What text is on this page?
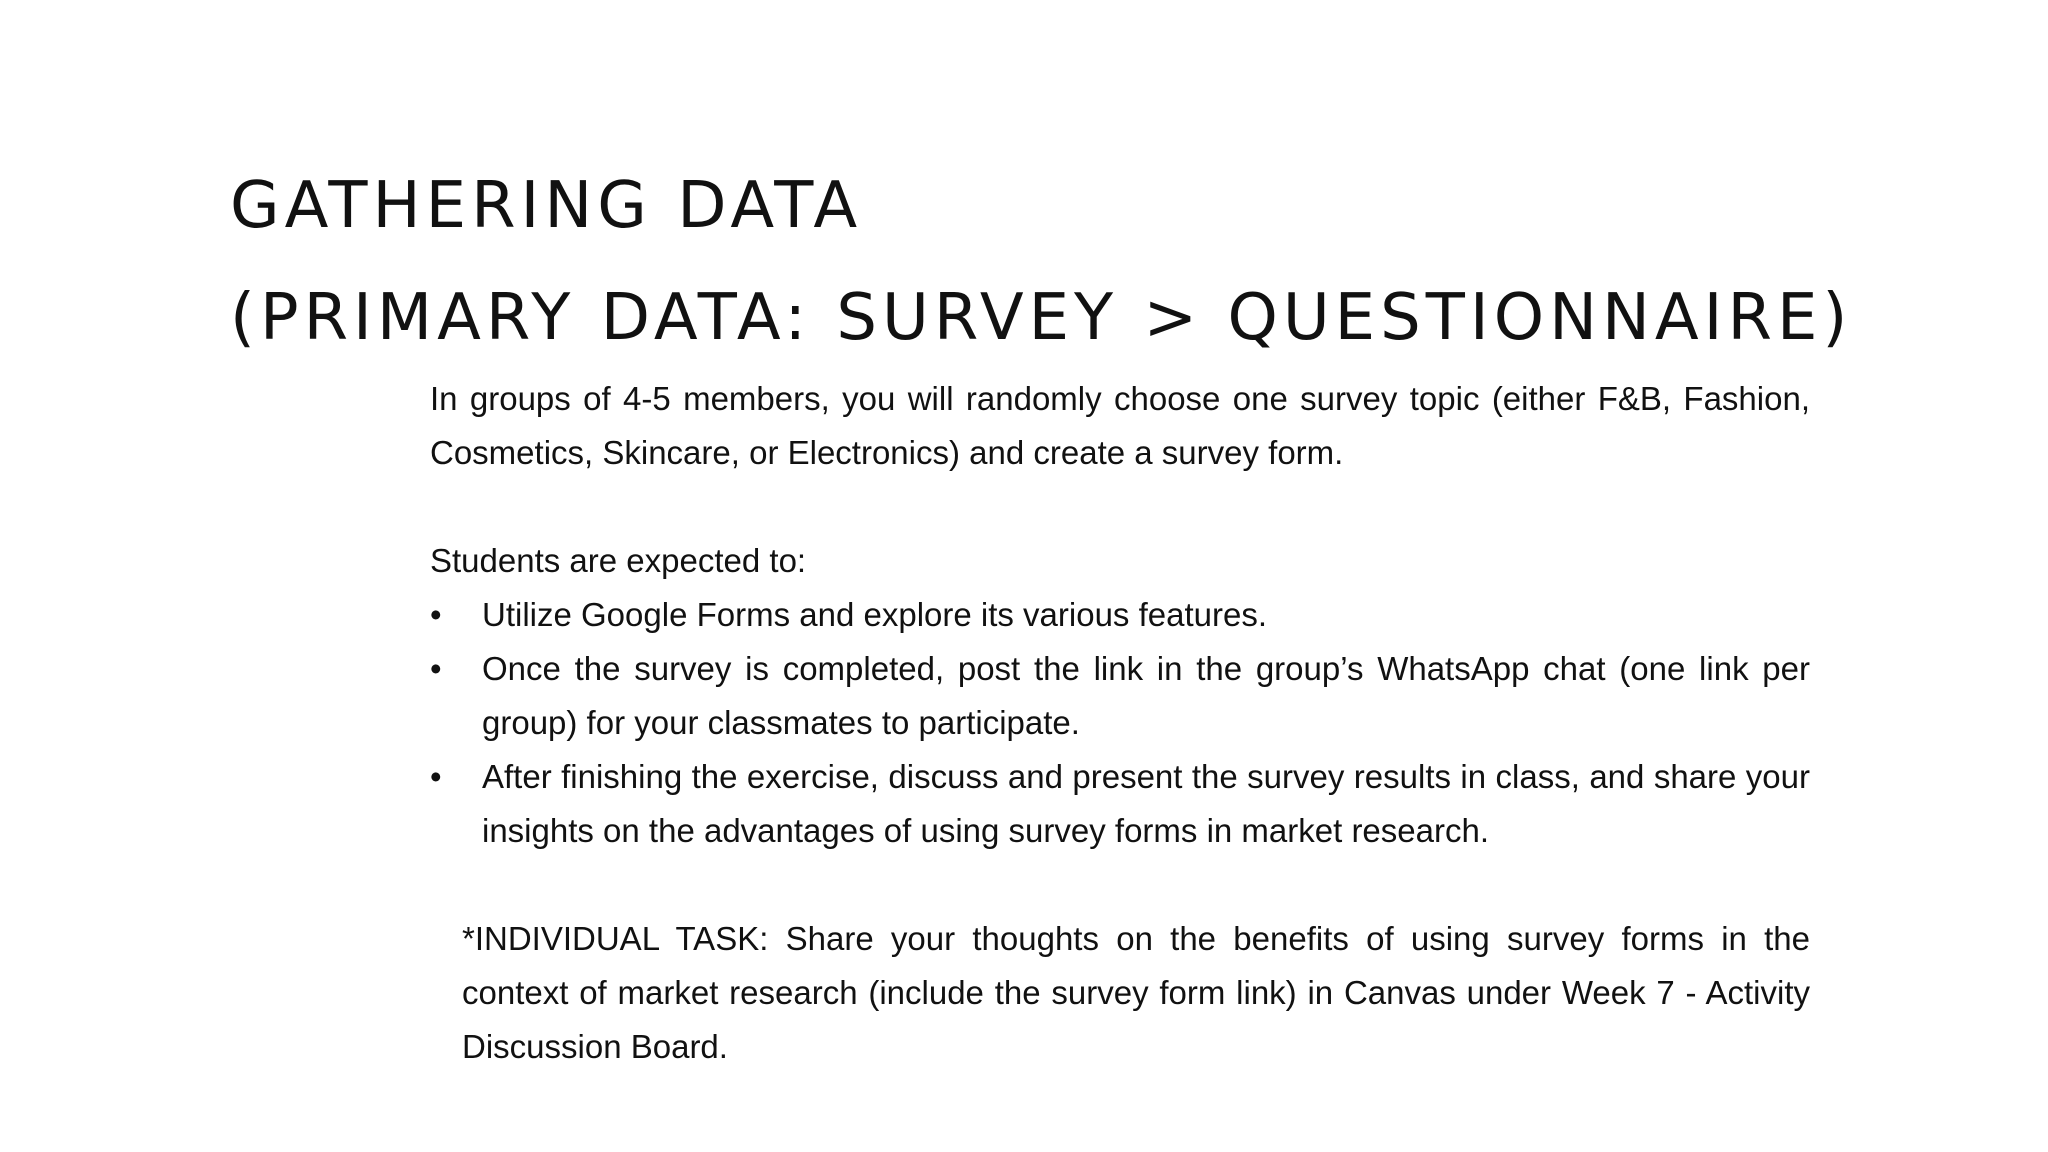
GATHERING DATA
(PRIMARY DATA: SURVEY > QUESTIONNAIRE)

In groups of 4-5 members, you will randomly choose one survey topic (either F&B, Fashion, Cosmetics, Skincare, or Electronics) and create a survey form.

Students are expected to:

• Utilize Google Forms and explore its various features.
• Once the survey is completed, post the link in the group’s WhatsApp chat (one link per group) for your classmates to participate.
• After finishing the exercise, discuss and present the survey results in class, and share your insights on the advantages of using survey forms in market research.

*INDIVIDUAL TASK: Share your thoughts on the benefits of using survey forms in the context of market research (include the survey form link) in Canvas under Week 7 - Activity Discussion Board.
